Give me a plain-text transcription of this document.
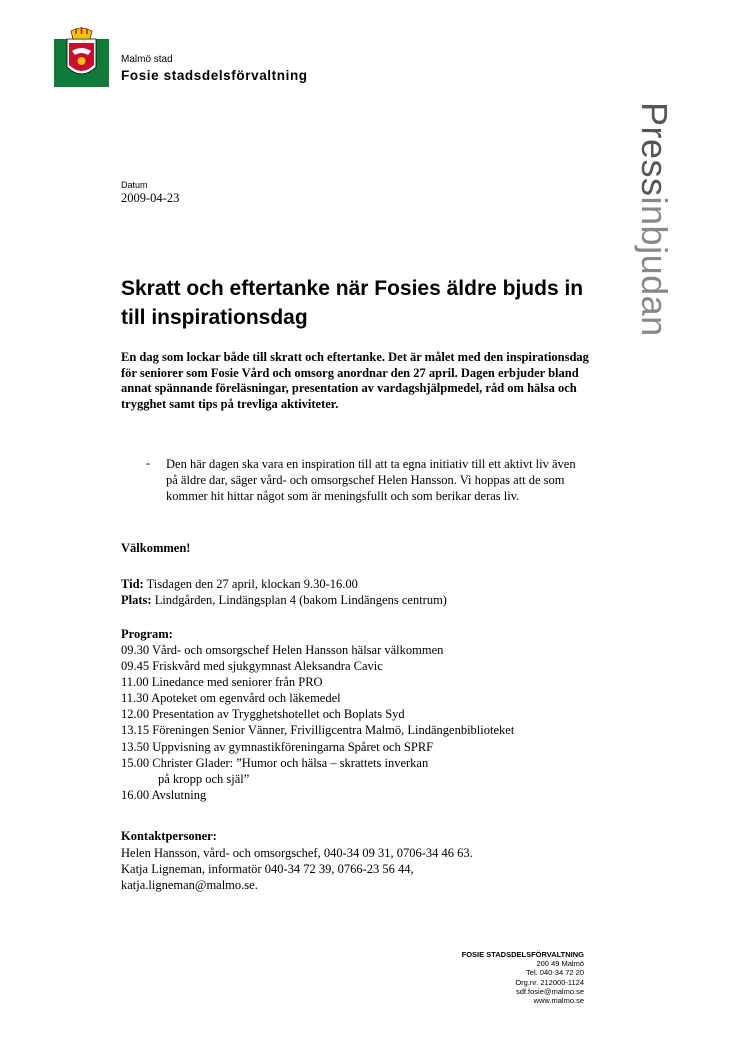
Malmö stad
Fosie stadsdelsförvaltning
Pressinbjudan
Datum
2009-04-23
Skratt och eftertanke när Fosies äldre bjuds in till inspirationsdag

En dag som lockar både till skratt och eftertanke. Det är målet med den inspirationsdag för seniorer som Fosie Vård och omsorg anordnar den 27 april. Dagen erbjuder bland annat spännande föreläsningar, presentation av vardagshjälpmedel, råd om hälsa och trygghet samt tips på trevliga aktiviteter.

- Den här dagen ska vara en inspiration till att ta egna initiativ till ett aktivt liv även på äldre dar, säger vård- och omsorgschef Helen Hansson. Vi hoppas att de som kommer hit hittar något som är meningsfullt och som berikar deras liv.

Välkommen!
Tid: Tisdagen den 27 april, klockan 9.30-16.00
Plats: Lindgården, Lindängsplan 4 (bakom Lindängens centrum)
Program:
09.30 Vård- och omsorgschef Helen Hansson hälsar välkommen
09.45 Friskvård med sjukgymnast Aleksandra Cavic
11.00 Linedance med seniorer från PRO
11.30 Apoteket om egenvård och läkemedel
12.00 Presentation av Trygghetshotellet och Boplats Syd
13.15 Föreningen Senior Vänner, Frivilligcentra Malmö, Lindängenbiblioteket
13.50 Uppvisning av gymnastikföreningarna Spåret och SPRF
15.00 Christer Glader: ”Humor och hälsa – skrattets inverkan
på kropp och själ”
16.00 Avslutning
Kontaktpersoner:
Helen Hansson, vård- och omsorgschef, 040-34 09 31, 0706-34 46 63.
Katja Ligneman, informatör 040-34 72 39, 0766-23 56 44,
katja.ligneman@malmo.se.
FOSIE STADSDELSFÖRVALTNING
200 49 Malmö
Tel. 040-34 72 20
Org.nr. 212000-1124
sdf.fosie@malmo.se
www.malmo.se
